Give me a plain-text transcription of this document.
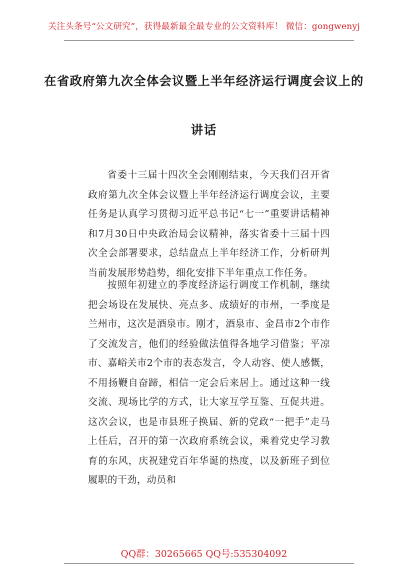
关注头条号“公文研究”，获得最新最全最专业的公文资料库！ 微信：gongwenyj
在省政府第九次全体会议暨上半年经济运行调度会议上的
讲话
省委十三届十四次全会刚刚结束，今天我们召开省政府第九次全体会议暨上半年经济运行调度会议，主要任务是认真学习贯彻习近平总书记“七一”重要讲话精神和7月30日中央政治局会议精神，落实省委十三届十四次全会部署要求，总结盘点上半年经济工作，分析研判当前发展形势趋势，细化安排下半年重点工作任务。
按照年初建立的季度经济运行调度工作机制，继续把会场设在发展快、亮点多、成绩好的市州，一季度是兰州市，这次是酒泉市。刚才，酒泉市、金昌市2个市作了交流发言，他们的经验做法值得各地学习借鉴；平凉市、嘉峪关市2个市的表态发言，令人动容、使人感慨，不用扬鞭自奋蹄，相信一定会后来居上。通过这种一线交流、现场比学的方式，让大家互学互鉴、互促共进。这次会议，也是市县班子换届、新的党政“一把手”走马上任后，召开的第一次政府系统会议，乘着党史学习教育的东风，庆祝建党百年华诞的热度，以及新班子到位履职的干劲，动员和
QQ群：30265665 QQ号:535304092
